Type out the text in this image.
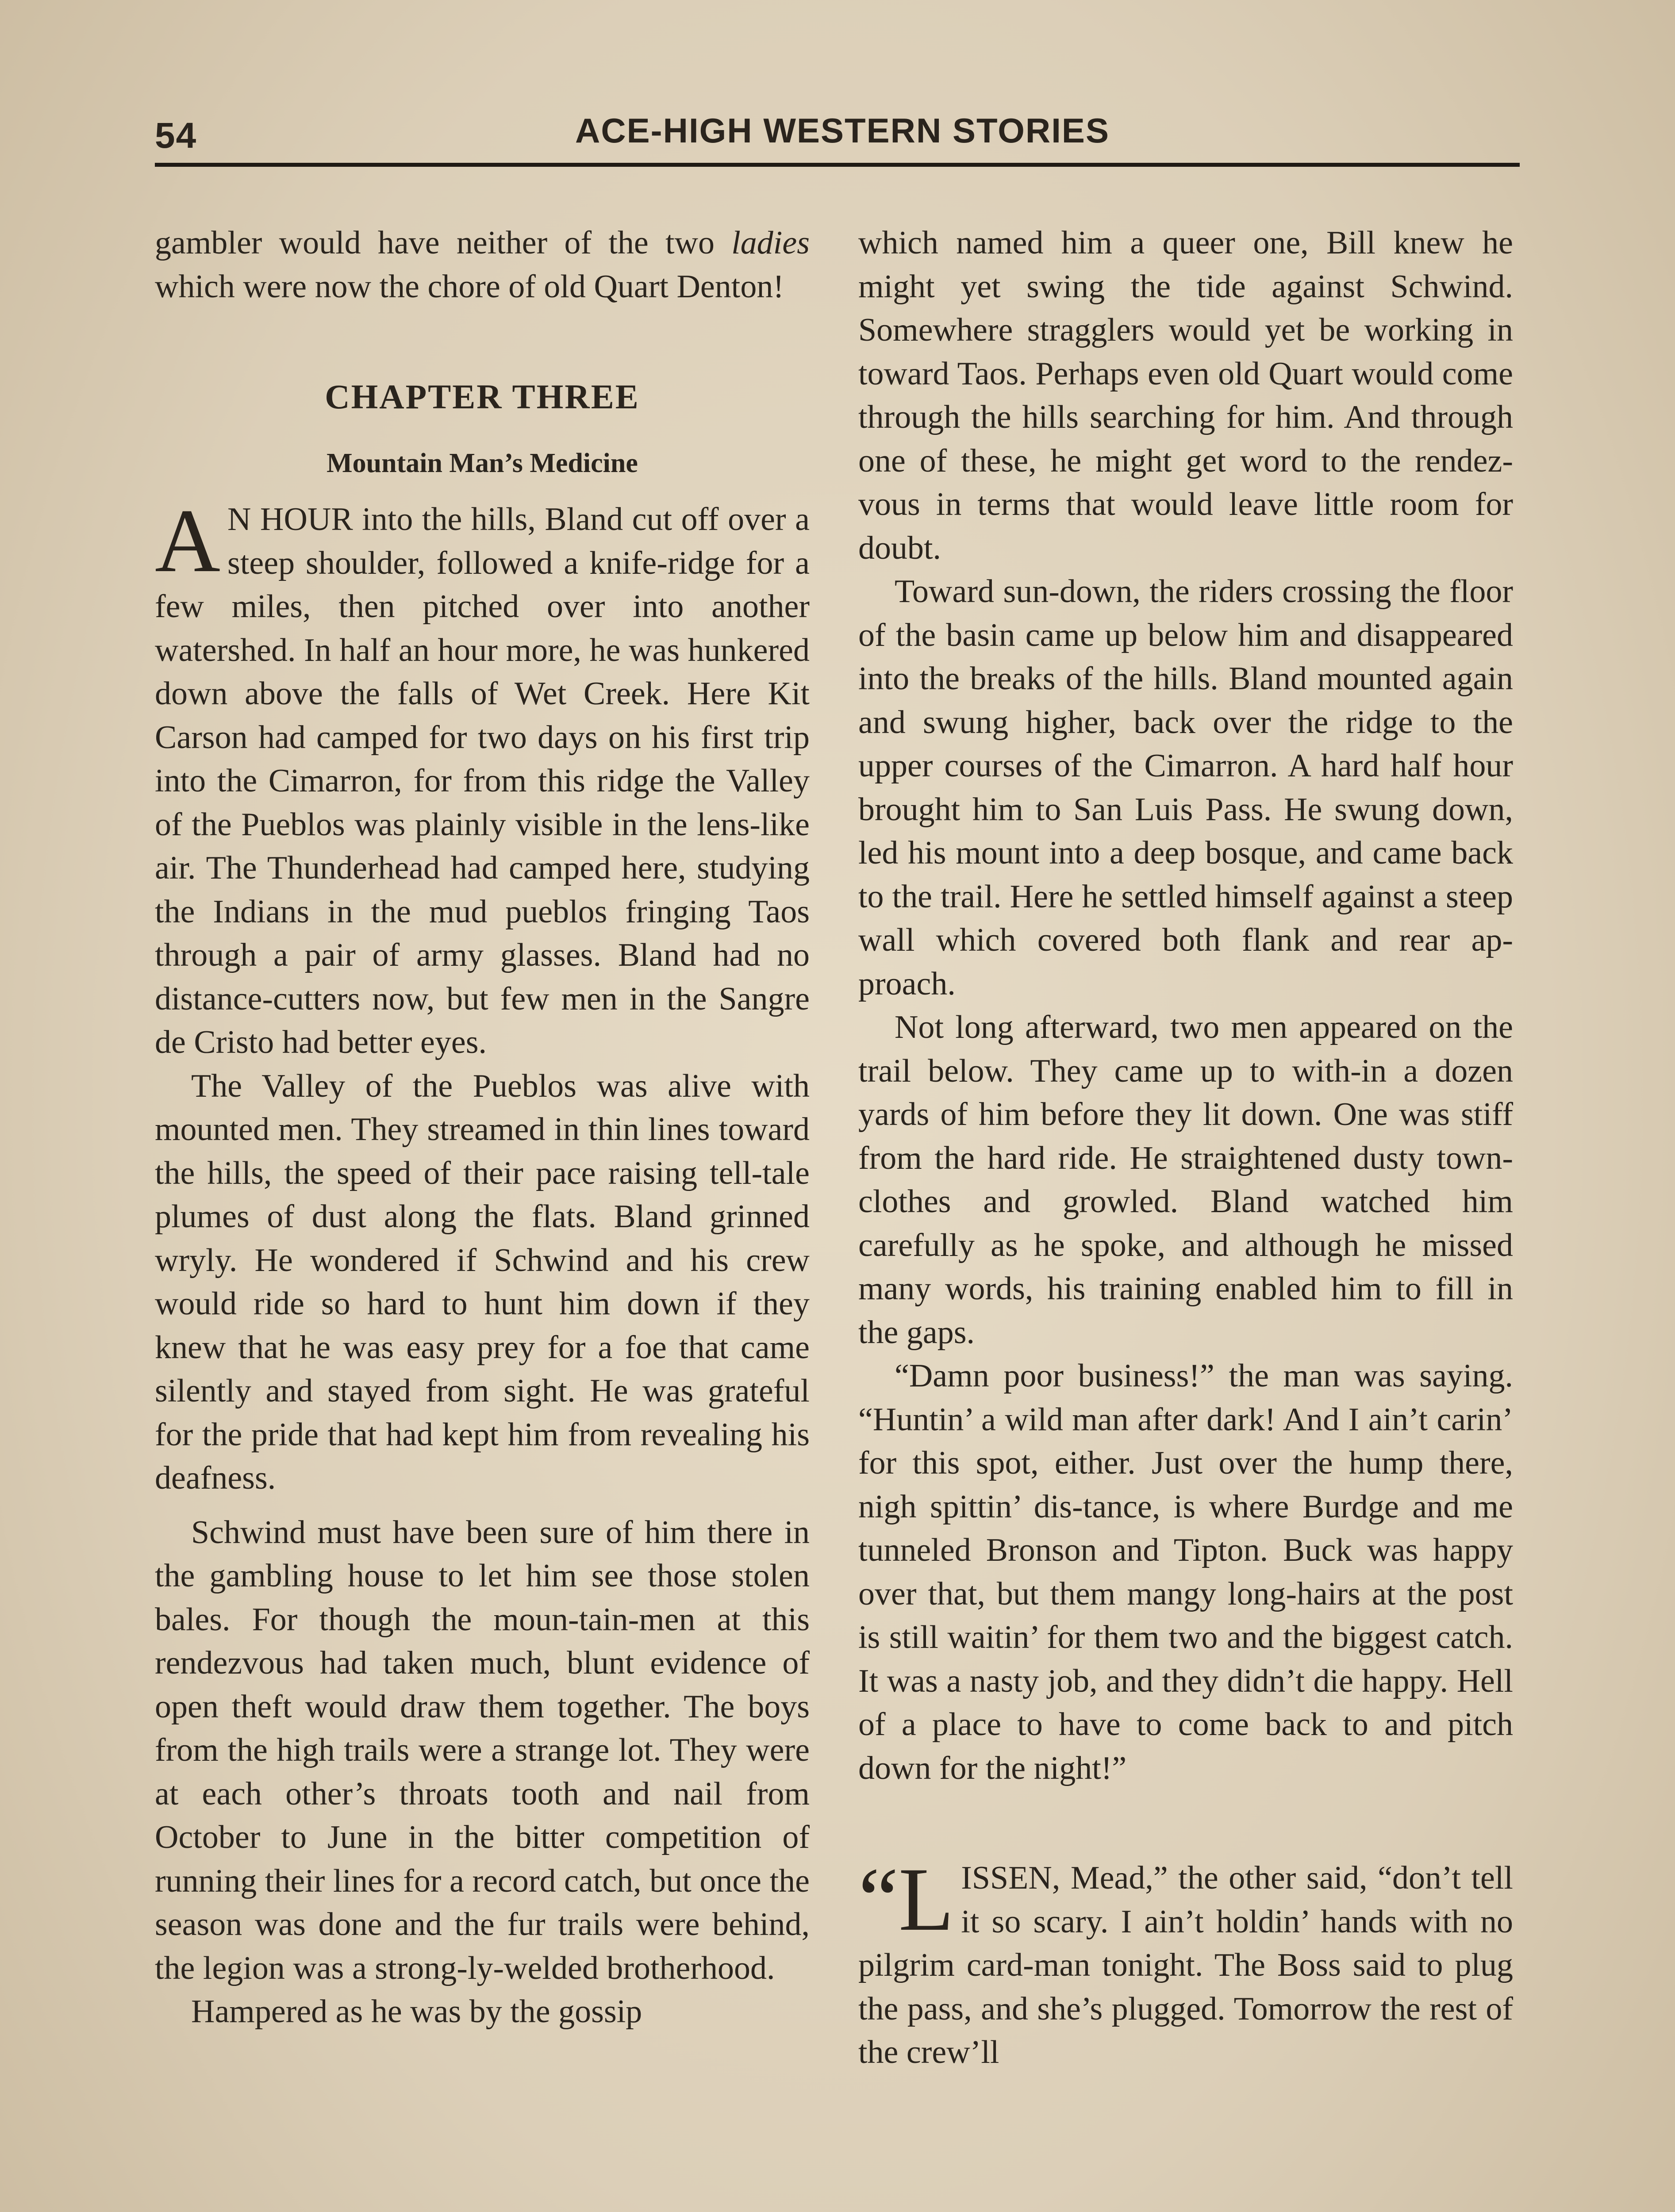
54	ACE-HIGH WESTERN STORIES

gambler would have neither of the two ladies which were now the chore of old Quart Denton!

CHAPTER THREE

Mountain Man’s Medicine

A N HOUR into the hills, Bland cut off over a steep shoulder, followed a knife-ridge for a few miles, then pitched over into another watershed. In half an hour more, he was hunkered down above the falls of Wet Creek. Here Kit Carson had camped for two days on his first trip into the Cimarron, for from this ridge the Valley of the Pueblos was plainly visible in the lens-like air. The Thunderhead had camped here, studying the Indians in the mud pueblos fringing Taos through a pair of army glasses. Bland had no distance-cutters now, but few men in the Sangre de Cristo had better eyes.

The Valley of the Pueblos was alive with mounted men. They streamed in thin lines toward the hills, the speed of their pace raising tell-tale plumes of dust along the flats. Bland grinned wryly. He wondered if Schwind and his crew would ride so hard to hunt him down if they knew that he was easy prey for a foe that came silently and stayed from sight. He was grateful for the pride that had kept him from revealing his deafness.

Schwind must have been sure of him there in the gambling house to let him see those stolen bales. For though the moun-tain-men at this rendezvous had taken much, blunt evidence of open theft would draw them together. The boys from the high trails were a strange lot. They were at each other’s throats tooth and nail from October to June in the bitter competition of running their lines for a record catch, but once the season was done and the fur trails were behind, the legion was a strong-ly-welded brotherhood.

Hampered as he was by the gossip

which named him a queer one, Bill knew he might yet swing the tide against Schwind. Somewhere stragglers would yet be working in toward Taos. Perhaps even old Quart would come through the hills searching for him. And through one of these, he might get word to the rendez-vous in terms that would leave little room for doubt.

Toward sun-down, the riders crossing the floor of the basin came up below him and disappeared into the breaks of the hills. Bland mounted again and swung higher, back over the ridge to the upper courses of the Cimarron. A hard half hour brought him to San Luis Pass. He swung down, led his mount into a deep bosque, and came back to the trail. Here he settled himself against a steep wall which covered both flank and rear ap-proach.

Not long afterward, two men appeared on the trail below. They came up to with-in a dozen yards of him before they lit down. One was stiff from the hard ride. He straightened dusty town-clothes and growled. Bland watched him carefully as he spoke, and although he missed many words, his training enabled him to fill in the gaps.

“Damn poor business!” the man was saying. “Huntin’ a wild man after dark! And I ain’t carin’ for this spot, either. Just over the hump there, nigh spittin’ dis-tance, is where Burdge and me tunneled Bronson and Tipton. Buck was happy over that, but them mangy long-hairs at the post is still waitin’ for them two and the biggest catch. It was a nasty job, and they didn’t die happy. Hell of a place to have to come back to and pitch down for the night!”

“LISSEN, Mead,” the other said, “don’t tell it so scary. I ain’t holdin’ hands with no pilgrim card-man tonight. The Boss said to plug the pass, and she’s plugged. Tomorrow the rest of the crew’ll
